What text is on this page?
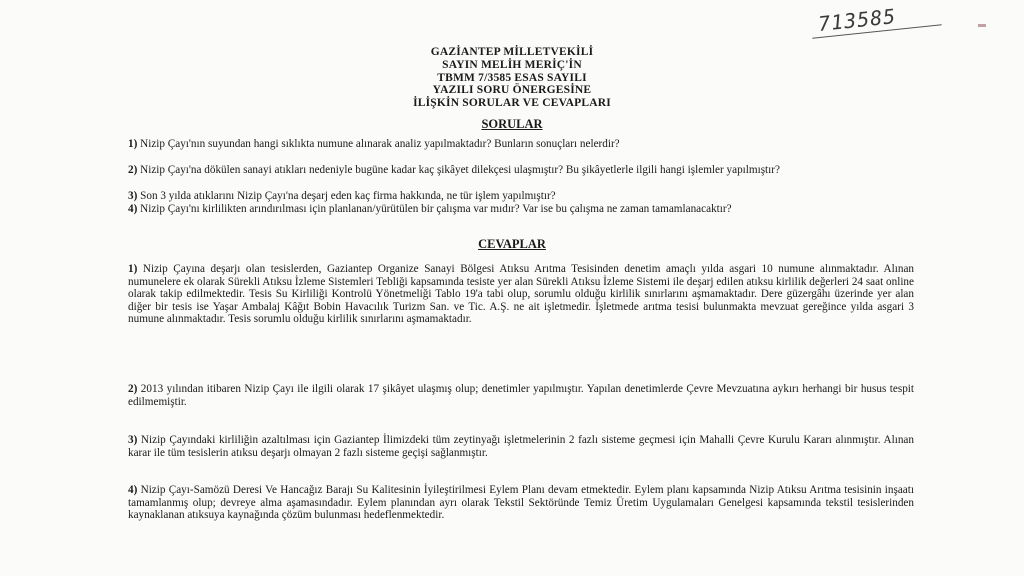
713585
GAZİANTEP MİLLETVEKİLİ
SAYIN MELİH MERİÇ'İN
TBMM 7/3585 ESAS SAYILI
YAZILI SORU ÖNERGESİNE
İLİŞKİN SORULAR VE CEVAPLARI
SORULAR
1) Nizip Çayı'nın suyundan hangi sıklıkta numune alınarak analiz yapılmaktadır? Bunların sonuçları nelerdir?
2) Nizip Çayı'na dökülen sanayi atıkları nedeniyle bugüne kadar kaç şikâyet dilekçesi ulaşmıştır? Bu şikâyetlerle ilgili hangi işlemler yapılmıştır?
3) Son 3 yılda atıklarını Nizip Çayı'na deşarj eden kaç firma hakkında, ne tür işlem yapılmıştır?
4) Nizip Çayı'nı kirlilikten arındırılması için planlanan/yürütülen bir çalışma var mıdır? Var ise bu çalışma ne zaman tamamlanacaktır?
CEVAPLAR
1) Nizip Çayına deşarjı olan tesislerden, Gaziantep Organize Sanayi Bölgesi Atıksu Arıtma Tesisinden denetim amaçlı yılda asgari 10 numune alınmaktadır. Alınan numunelere ek olarak Sürekli Atıksu İzleme Sistemleri Tebliği kapsamında tesiste yer alan Sürekli Atıksu İzleme Sistemi ile deşarj edilen atıksu kirlilik değerleri 24 saat online olarak takip edilmektedir. Tesis Su Kirliliği Kontrolü Yönetmeliği Tablo 19'a tabi olup, sorumlu olduğu kirlilik sınırlarını aşmamaktadır. Dere güzergâhı üzerinde yer alan diğer bir tesis ise Yaşar Ambalaj Kâğıt Bobin Havacılık Turizm San. ve Tic. A.Ş. ne ait işletmedir. İşletmede arıtma tesisi bulunmakta mevzuat gereğince yılda asgari 3 numune alınmaktadır. Tesis sorumlu olduğu kirlilik sınırlarını aşmamaktadır.
2) 2013 yılından itibaren Nizip Çayı ile ilgili olarak 17 şikâyet ulaşmış olup; denetimler yapılmıştır. Yapılan denetimlerde Çevre Mevzuatına aykırı herhangi bir husus tespit edilmemiştir.
3) Nizip Çayındaki kirliliğin azaltılması için Gaziantep İlimizdeki tüm zeytinyağı işletmelerinin 2 fazlı sisteme geçmesi için Mahalli Çevre Kurulu Kararı alınmıştır. Alınan karar ile tüm tesislerin atıksu deşarjı olmayan 2 fazlı sisteme geçişi sağlanmıştır.
4) Nizip Çayı-Samözü Deresi Ve Hancağız Barajı Su Kalitesinin İyileştirilmesi Eylem Planı devam etmektedir. Eylem planı kapsamında Nizip Atıksu Arıtma tesisinin inşaatı tamamlanmış olup; devreye alma aşamasındadır. Eylem planından ayrı olarak Tekstil Sektöründe Temiz Üretim Uygulamaları Genelgesi kapsamında tekstil tesislerinden kaynaklanan atıksuya kaynağında çözüm bulunması hedeflenmektedir.
